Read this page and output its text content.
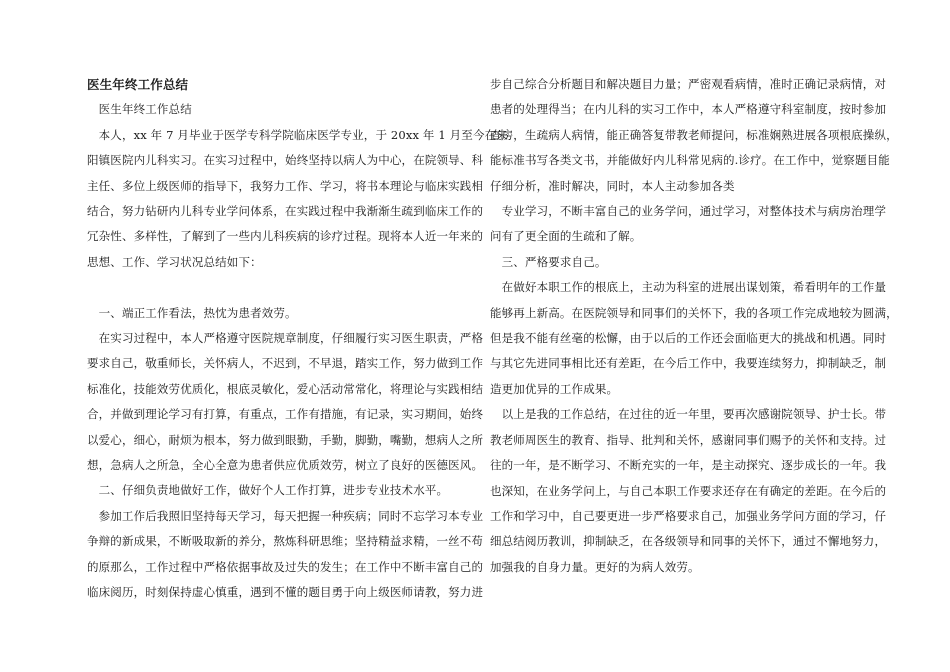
医生年终工作总结
　医生年终工作总结
　本人，xx 年 7 月毕业于医学专科学院临床医学专业，于 20xx 年 1 月至今在朱
阳镇医院内儿科实习。在实习过程中，始终坚持以病人为中心，在院领导、科
主任、多位上级医师的指导下，我努力工作、学习，将书本理论与临床实践相
结合，努力钻研内儿科专业学问体系，在实践过程中我渐渐生疏到临床工作的
冗杂性、多样性，了解到了一些内儿科疾病的诊疗过程。现将本人近一年来的
思想、工作、学习状况总结如下：
　一、端正工作看法，热忱为患者效劳。
　在实习过程中，本人严格遵守医院规章制度，仔细履行实习医生职责，严格
要求自己，敬重师长，关怀病人，不迟到，不早退，踏实工作，努力做到工作
标准化，技能效劳优质化，根底灵敏化，爱心活动常常化，将理论与实践相结
合，并做到理论学习有打算，有重点，工作有措施，有记录，实习期间，始终
以爱心，细心，耐烦为根本，努力做到眼勤，手勤，脚勤，嘴勤，想病人之所
想，急病人之所急，全心全意为患者供应优质效劳，树立了良好的医德医风。
　二、仔细负责地做好工作，做好个人工作打算，进步专业技术水平。
　参加工作后我照旧坚持每天学习，每天把握一种疾病；同时不忘学习本专业
争辩的新成果，不断吸取新的养分，熬炼科研思维；坚持精益求精，一丝不苟
的原那么，工作过程中严格依据事故及过失的发生；在工作中不断丰富自己的
临床阅历，时刻保持虚心慎重，遇到不懂的题目勇于向上级医师请教，努力进
步自己综合分析题目和解决题目力量；严密观看病情，准时正确记录病情，对
患者的处理得当；在内儿科的实习工作中，本人严格遵守科室制度，按时参加
查房，生疏病人病情，能正确答复带教老师提问，标准娴熟进展各项根底操纵，
能标准书写各类文书，并能做好内儿科常见病的.诊疗。在工作中，觉察题目能
仔细分析，准时解决，同时，本人主动参加各类
　专业学习，不断丰富自己的业务学问，通过学习，对整体技术与病房治理学
问有了更全面的生疏和了解。
　三、严格要求自己。
　在做好本职工作的根底上，主动为科室的进展出谋划策，希看明年的工作量
能够再上新高。在医院领导和同事们的关怀下，我的各项工作完成地较为圆满，
但是我不能有丝毫的松懈，由于以后的工作还会面临更大的挑战和机遇。同时
与其它先进同事相比还有差距，在今后工作中，我要连续努力，抑制缺乏，制
造更加优异的工作成果。
　以上是我的工作总结，在过往的近一年里，要再次感谢院领导、护士长。带
教老师周医生的教育、指导、批判和关怀，感谢同事们赐予的关怀和支持。过
往的一年，是不断学习、不断充实的一年，是主动探究、逐步成长的一年。我
也深知，在业务学问上，与自己本职工作要求还存在有确定的差距。在今后的
工作和学习中，自己要更进一步严格要求自己，加强业务学问方面的学习，仔
细总结阅历教训，抑制缺乏，在各级领导和同事的关怀下，通过不懈地努力，
加强我的自身力量。更好的为病人效劳。
